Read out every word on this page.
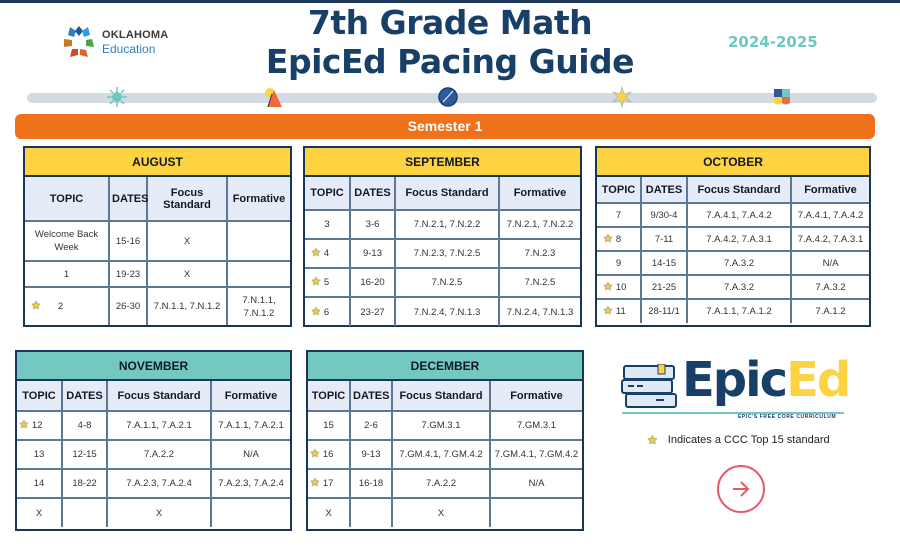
OKLAHOMA
Education
7th Grade Math
EpicEd Pacing Guide	2024-2025
Semester 1
AUGUST			
TOPIC	DATES	Focus Standard	Formative
Welcome Back Week	15-16	X	
1	19-23	X	
★ 2	26-30	7.N.1.1, 7.N.1.2	7.N.1.1, 7.N.1.2
SEPTEMBER			
TOPIC	DATES	Focus Standard	Formative
3	3-6	7.N.2.1, 7.N.2.2	7.N.2.1, 7.N.2.2
★ 4	9-13	7.N.2.3, 7.N.2.5	7.N.2.3
★ 5	16-20	7.N.2.5	7.N.2.5
★ 6	23-27	7.N.2.4, 7.N.1.3	7.N.2.4, 7.N.1.3
OCTOBER			
TOPIC	DATES	Focus Standard	Formative
7	9/30-4	7.A.4.1, 7.A.4.2	7.A.4.1, 7.A.4.2
★ 8	7-11	7.A.4.2, 7.A.3.1	7.A.4.2, 7.A.3.1
9	14-15	7.A.3.2	N/A
★ 10	21-25	7.A.3.2	7.A.3.2
★ 11	28-11/1	7.A.1.1, 7.A.1.2	7.A.1.2
NOVEMBER			
TOPIC	DATES	Focus Standard	Formative
★ 12	4-8	7.A.1.1, 7.A.2.1	7.A.1.1, 7.A.2.1
13	12-15	7.A.2.2	N/A
14	18-22	7.A.2.3, 7.A.2.4	7.A.2.3, 7.A.2.4
X		X	
DECEMBER			
TOPIC	DATES	Focus Standard	Formative
15	2-6	7.GM.3.1	7.GM.3.1
★ 16	9-13	7.GM.4.1, 7.GM.4.2	7.GM.4.1, 7.GM.4.2
★ 17	16-18	7.A.2.2	N/A
X		X	
EpicEd
EPIC'S FREE CORE CURRICULUM
★ Indicates a CCC Top 15 standard
